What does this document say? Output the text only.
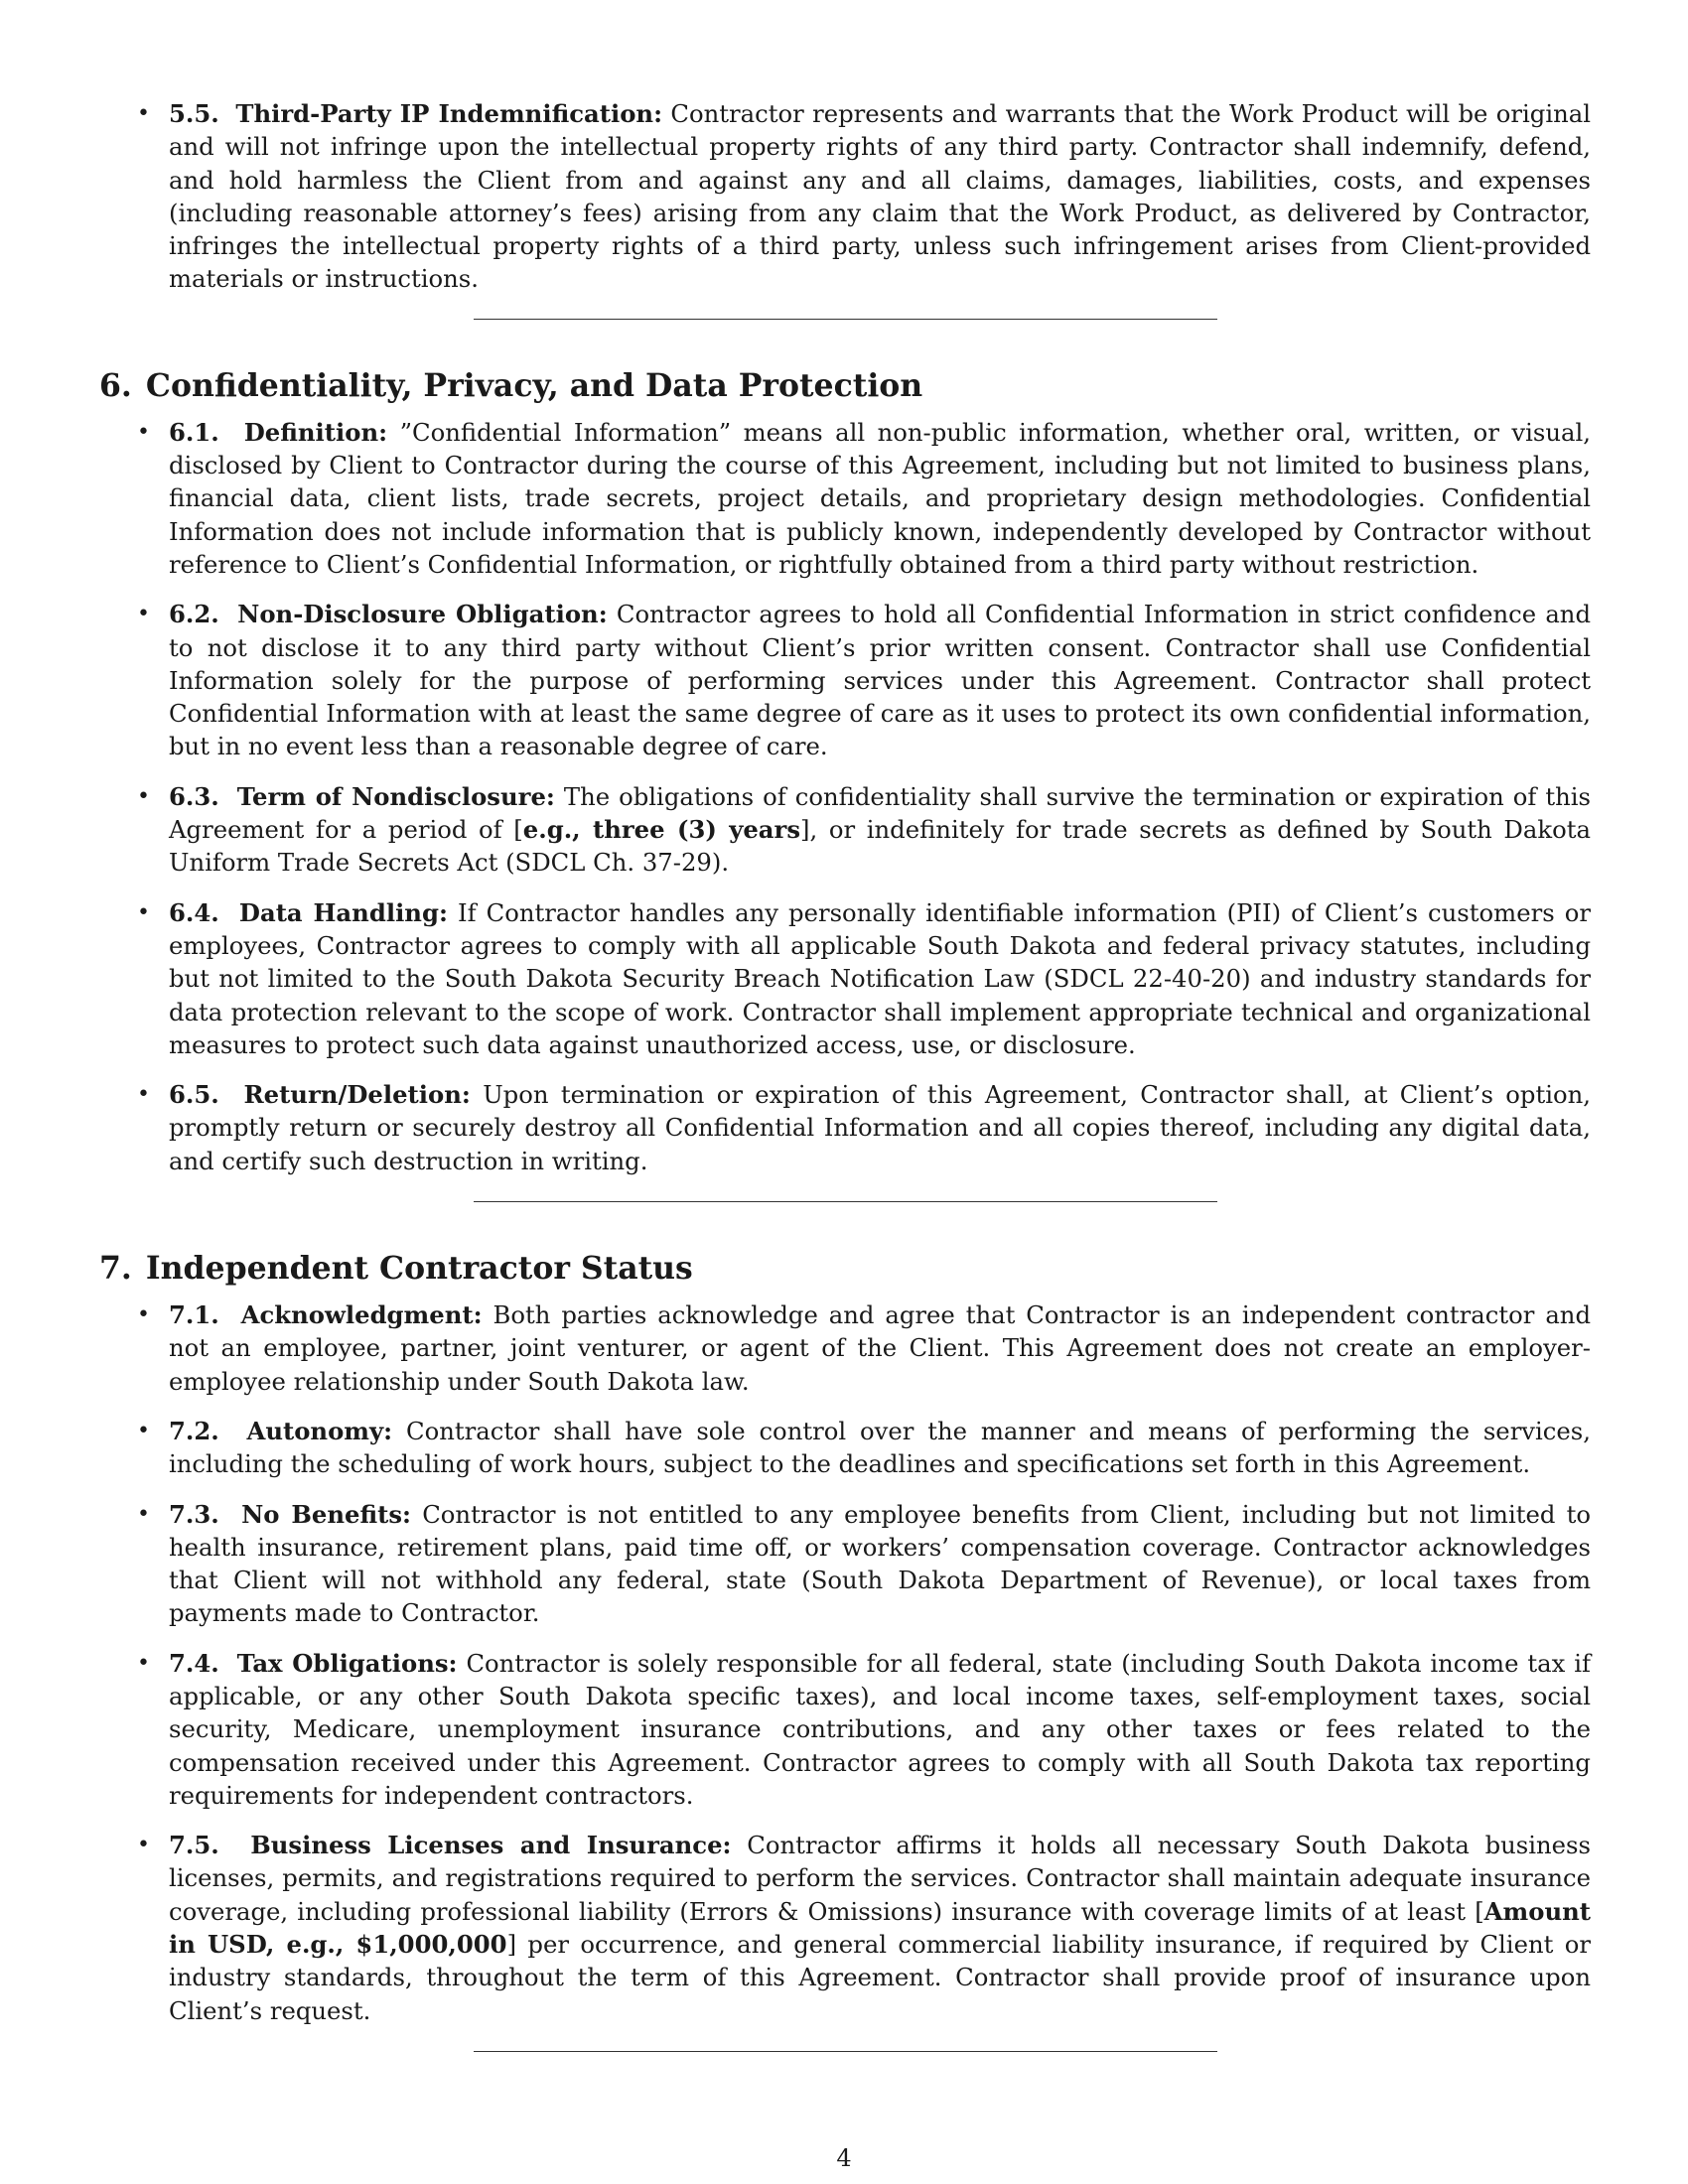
• 5.5. Third-Party IP Indemnification: Contractor represents and warrants that the Work Product will be original and will not infringe upon the intellectual property rights of any third party. Contractor shall indemnify, defend, and hold harmless the Client from and against any and all claims, damages, liabilities, costs, and expenses (including reasonable attorney’s fees) arising from any claim that the Work Product, as delivered by Contractor, infringes the intellectual property rights of a third party, unless such infringement arises from Client-provided materials or instructions.
6. Confidentiality, Privacy, and Data Protection
• 6.1. Definition: ”Confidential Information” means all non-public information, whether oral, written, or visual, disclosed by Client to Contractor during the course of this Agreement, including but not limited to business plans, financial data, client lists, trade secrets, project details, and proprietary design methodologies. Confidential Information does not include information that is publicly known, independently developed by Contractor without reference to Client’s Confidential Information, or rightfully obtained from a third party without restriction.
• 6.2. Non-Disclosure Obligation: Contractor agrees to hold all Confidential Information in strict confidence and to not disclose it to any third party without Client’s prior written consent. Contractor shall use Confidential Information solely for the purpose of performing services under this Agreement. Contractor shall protect Confidential Information with at least the same degree of care as it uses to protect its own confidential information, but in no event less than a reasonable degree of care.
• 6.3. Term of Nondisclosure: The obligations of confidentiality shall survive the termination or expiration of this Agreement for a period of [e.g., three (3) years], or indefinitely for trade secrets as defined by South Dakota Uniform Trade Secrets Act (SDCL Ch. 37-29).
• 6.4. Data Handling: If Contractor handles any personally identifiable information (PII) of Client’s customers or employees, Contractor agrees to comply with all applicable South Dakota and federal privacy statutes, including but not limited to the South Dakota Security Breach Notification Law (SDCL 22-40-20) and industry standards for data protection relevant to the scope of work. Contractor shall implement appropriate technical and organizational measures to protect such data against unauthorized access, use, or disclosure.
• 6.5. Return/Deletion: Upon termination or expiration of this Agreement, Contractor shall, at Client’s option, promptly return or securely destroy all Confidential Information and all copies thereof, including any digital data, and certify such destruction in writing.
7. Independent Contractor Status
• 7.1. Acknowledgment: Both parties acknowledge and agree that Contractor is an independent contractor and not an employee, partner, joint venturer, or agent of the Client. This Agreement does not create an employer-employee relationship under South Dakota law.
• 7.2. Autonomy: Contractor shall have sole control over the manner and means of performing the services, including the scheduling of work hours, subject to the deadlines and specifications set forth in this Agreement.
• 7.3. No Benefits: Contractor is not entitled to any employee benefits from Client, including but not limited to health insurance, retirement plans, paid time off, or workers’ compensation coverage. Contractor acknowledges that Client will not withhold any federal, state (South Dakota Department of Revenue), or local taxes from payments made to Contractor.
• 7.4. Tax Obligations: Contractor is solely responsible for all federal, state (including South Dakota income tax if applicable, or any other South Dakota specific taxes), and local income taxes, self-employment taxes, social security, Medicare, unemployment insurance contributions, and any other taxes or fees related to the compensation received under this Agreement. Contractor agrees to comply with all South Dakota tax reporting requirements for independent contractors.
• 7.5. Business Licenses and Insurance: Contractor affirms it holds all necessary South Dakota business licenses, permits, and registrations required to perform the services. Contractor shall maintain adequate insurance coverage, including professional liability (Errors & Omissions) insurance with coverage limits of at least [Amount in USD, e.g., $1,000,000] per occurrence, and general commercial liability insurance, if required by Client or industry standards, throughout the term of this Agreement. Contractor shall provide proof of insurance upon Client’s request.
4
